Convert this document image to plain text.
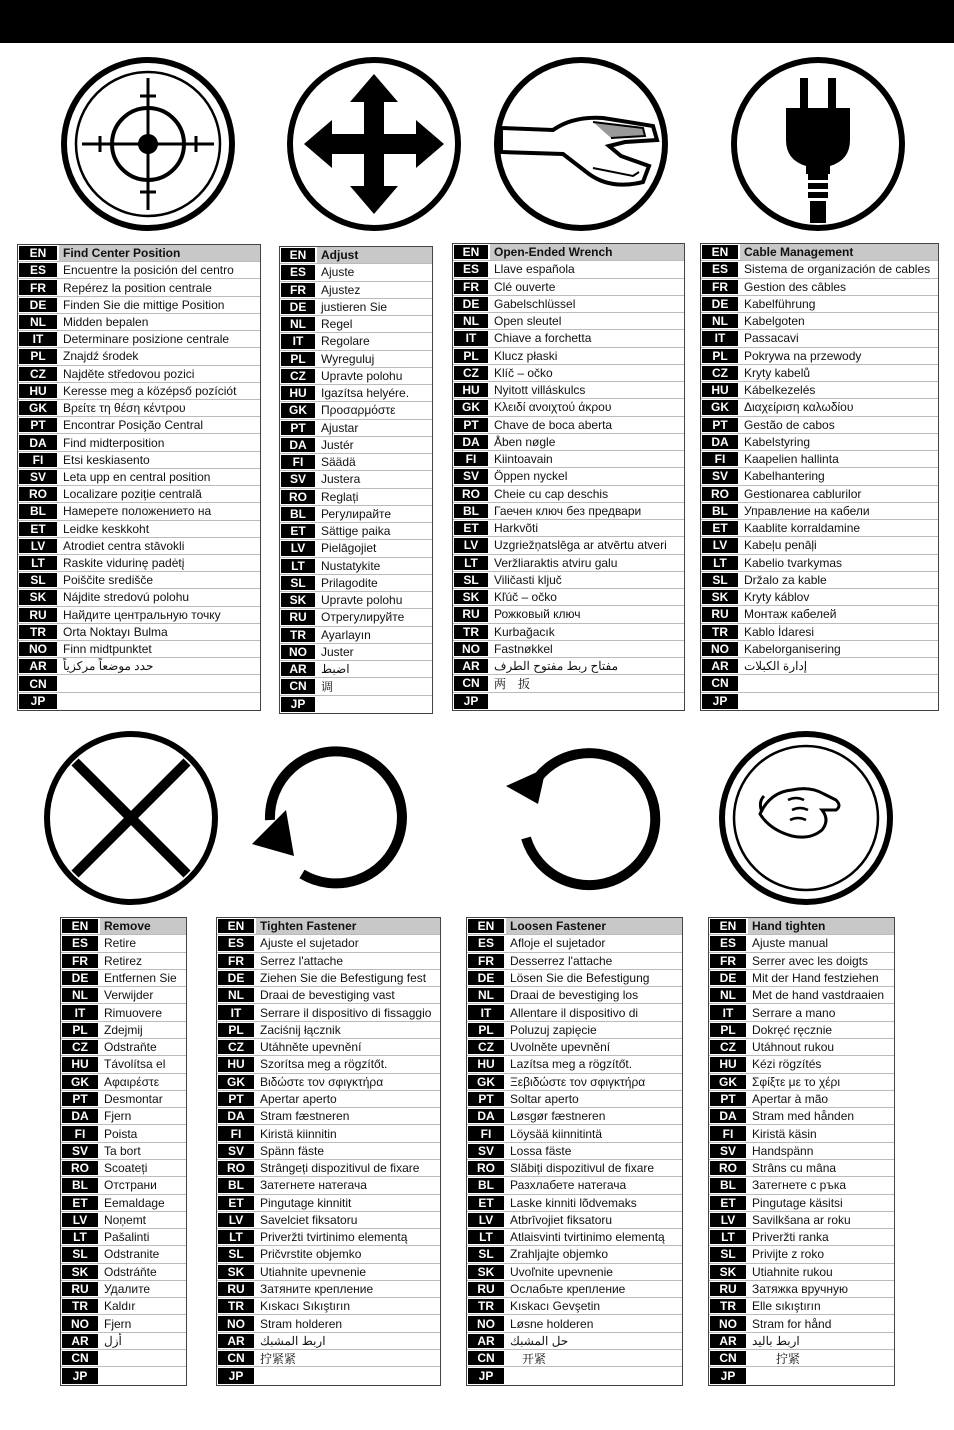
EN	Find Center Position
ES	Encuentre la posición del centro
FR	Repérez la position centrale
DE	Finden Sie die mittige Position
NL	Midden bepalen
IT	Determinare posizione centrale
PL	Znajdź środek
CZ	Najděte středovou pozici
HU	Keresse meg a középső pozíciót
GK	Βρείτε τη θέση κέντρου
PT	Encontrar Posição Central
DA	Find midterposition
FI	Etsi keskiasento
SV	Leta upp en central position
RO	Localizare poziție centrală
BL	Намерете положението на
ET	Leidke keskkoht
LV	Atrodiet centra stāvokli
LT	Raskite vidurinę padėtį
SL	Poiščite središče
SK	Nájdite stredovú polohu
RU	Найдите центральную точку
TR	Orta Noktayı Bulma
NO	Finn midtpunktet
AR	حدد موضعاً مركزياً
CN
JP
EN	Adjust
ES	Ajuste
FR	Ajustez
DE	justieren Sie
NL	Regel
IT	Regolare
PL	Wyreguluj
CZ	Upravte polohu
HU	Igazítsa helyére.
GK	Προσαρμόστε
PT	Ajustar
DA	Justér
FI	Säädä
SV	Justera
RO	Reglați
BL	Регулирайте
ET	Sättige paika
LV	Pielāgojiet
LT	Nustatykite
SL	Prilagodite
SK	Upravte polohu
RU	Отрегулируйте
TR	Ayarlayın
NO	Juster
AR	اضبط
CN	调
JP
EN	Open-Ended Wrench
ES	Llave española
FR	Clé ouverte
DE	Gabelschlüssel
NL	Open sleutel
IT	Chiave a forchetta
PL	Klucz płaski
CZ	Klíč – očko
HU	Nyitott villáskulcs
GK	Κλειδί ανοιχτού άκρου
PT	Chave de boca aberta
DA	Åben nøgle
FI	Kiintoavain
SV	Öppen nyckel
RO	Cheie cu cap deschis
BL	Гаечен ключ без предвари
ET	Harkvõti
LV	Uzgriežņatslēga ar atvērtu atveri
LT	Veržliaraktis atviru galu
SL	Viličasti ključ
SK	Kľúč – očko
RU	Рожковый ключ
TR	Kurbağacık
NO	Fastnøkkel
AR	مفتاح ربط مفتوح الطرف
CN	两　扳
JP
EN	Cable Management
ES	Sistema de organización de cables
FR	Gestion des câbles
DE	Kabelführung
NL	Kabelgoten
IT	Passacavi
PL	Pokrywa na przewody
CZ	Kryty kabelů
HU	Kábelkezelés
GK	Διαχείριση καλωδίου
PT	Gestão de cabos
DA	Kabelstyring
FI	Kaapelien hallinta
SV	Kabelhantering
RO	Gestionarea cablurilor
BL	Управление на кабели
ET	Kaablite korraldamine
LV	Kabeļu penāļi
LT	Kabelio tvarkymas
SL	Držalo za kable
SK	Kryty káblov
RU	Монтаж кабелей
TR	Kablo İdaresi
NO	Kabelorganisering
AR	إدارة الكبلات
CN
JP
EN	Remove
ES	Retire
FR	Retirez
DE	Entfernen Sie
NL	Verwijder
IT	Rimuovere
PL	Zdejmij
CZ	Odstraňte
HU	Távolítsa el
GK	Αφαιρέστε
PT	Desmontar
DA	Fjern
FI	Poista
SV	Ta bort
RO	Scoateți
BL	Отстрани
ET	Eemaldage
LV	Noņemt
LT	Pašalinti
SL	Odstranite
SK	Odstráňte
RU	Удалите
TR	Kaldır
NO	Fjern
AR	أزل
CN
JP
EN	Tighten Fastener
ES	Ajuste el sujetador
FR	Serrez l'attache
DE	Ziehen Sie die Befestigung fest
NL	Draai de bevestiging vast
IT	Serrare il dispositivo di fissaggio
PL	Zaciśnij łącznik
CZ	Utáhněte upevnění
HU	Szorítsa meg a rögzítőt.
GK	Βιδώστε τον σφιγκτήρα
PT	Apertar aperto
DA	Stram fæstneren
FI	Kiristä kiinnitin
SV	Spänn fäste
RO	Strângeți dispozitivul de fixare
BL	Затегнете натегача
ET	Pingutage kinnitit
LV	Savelciet fiksatoru
LT	Priveržti tvirtinimo elementą
SL	Pričvrstite objemko
SK	Utiahnite upevnenie
RU	Затяните крепление
TR	Kıskacı Sıkıştırın
NO	Stram holderen
AR	اربط المشبك
CN	拧紧紧
JP
EN	Loosen Fastener
ES	Afloje el sujetador
FR	Desserrez l'attache
DE	Lösen Sie die Befestigung
NL	Draai de bevestiging los
IT	Allentare il dispositivo di
PL	Poluzuj zapięcie
CZ	Uvolněte upevnění
HU	Lazítsa meg a rögzítőt.
GK	Ξεβιδώστε τον σφιγκτήρα
PT	Soltar aperto
DA	Løsgør fæstneren
FI	Löysää kiinnitintä
SV	Lossa fäste
RO	Slăbiți dispozitivul de fixare
BL	Разхлабете натегача
ET	Laske kinniti lõdvemaks
LV	Atbrīvojiet fiksatoru
LT	Atlaisvinti tvirtinimo elementą
SL	Zrahljajte objemko
SK	Uvoľnite upevnenie
RU	Ослабьте крепление
TR	Kıskacı Gevşetin
NO	Løsne holderen
AR	حل المشبك
CN	　开紧
JP
EN	Hand tighten
ES	Ajuste manual
FR	Serrer avec les doigts
DE	Mit der Hand festziehen
NL	Met de hand vastdraaien
IT	Serrare a mano
PL	Dokręć ręcznie
CZ	Utáhnout rukou
HU	Kézi rögzítés
GK	Σφίξτε με το χέρι
PT	Apertar à mão
DA	Stram med hånden
FI	Kiristä käsin
SV	Handspänn
RO	Strâns cu mâna
BL	Затегнете с ръка
ET	Pingutage käsitsi
LV	Savilkšana ar roku
LT	Priveržti ranka
SL	Privijte z roko
SK	Utiahnite rukou
RU	Затяжка вручную
TR	Elle sıkıştırın
NO	Stram for hånd
AR	اربط باليد
CN	　　拧紧
JP
